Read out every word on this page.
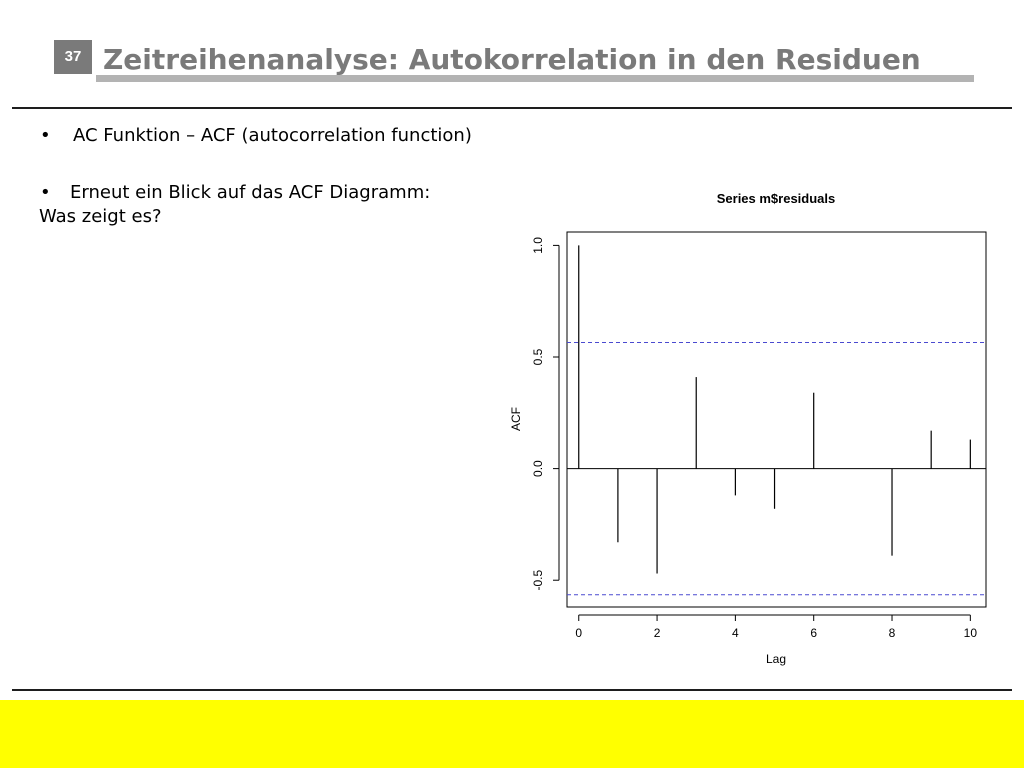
37 Zeitreihenanalyse: Autokorrelation in den Residuen
• AC Funktion – ACF (autocorrelation function)
• Erneut ein Blick auf das ACF Diagramm:
Was zeigt es?
Series m$residuals
0	2	4	6	8	10
-0.5
0.0
0.5
1.0
Lag
ACF
